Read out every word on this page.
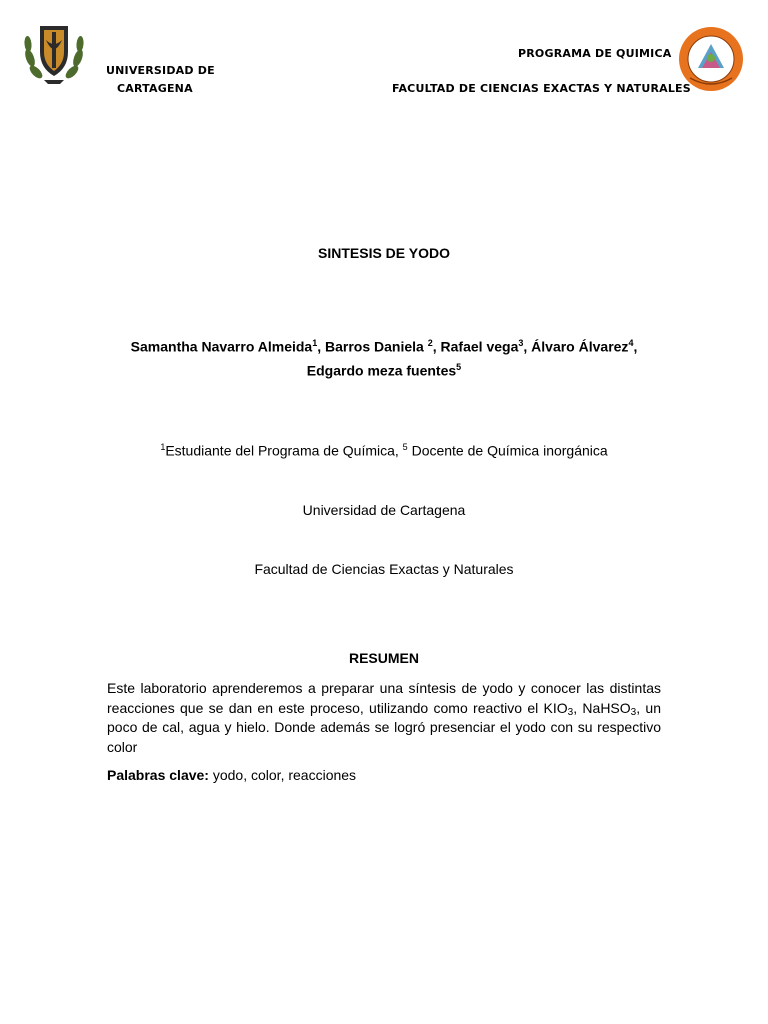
UNIVERSIDAD DE
CARTAGENA
PROGRAMA DE QUIMICA
FACULTAD DE CIENCIAS EXACTAS Y NATURALES
SINTESIS DE YODO
Samantha Navarro Almeida$^1$, Barros Daniela $^2$, Rafael vega$^3$, Álvaro Álvarez$^4$,
Edgardo meza fuentes$^5$
$^1$Estudiante del Programa de Química, $^5$ Docente de Química inorgánica
Universidad de Cartagena
Facultad de Ciencias Exactas y Naturales
RESUMEN
Este laboratorio aprenderemos a preparar una síntesis de yodo y conocer las distintas reacciones que se dan en este proceso, utilizando como reactivo el $KIO_3$, NaHSO$_3$, un poco de cal, agua y hielo. Donde además se logró presenciar el yodo con su respectivo color
Palabras clave: yodo, color, reacciones
